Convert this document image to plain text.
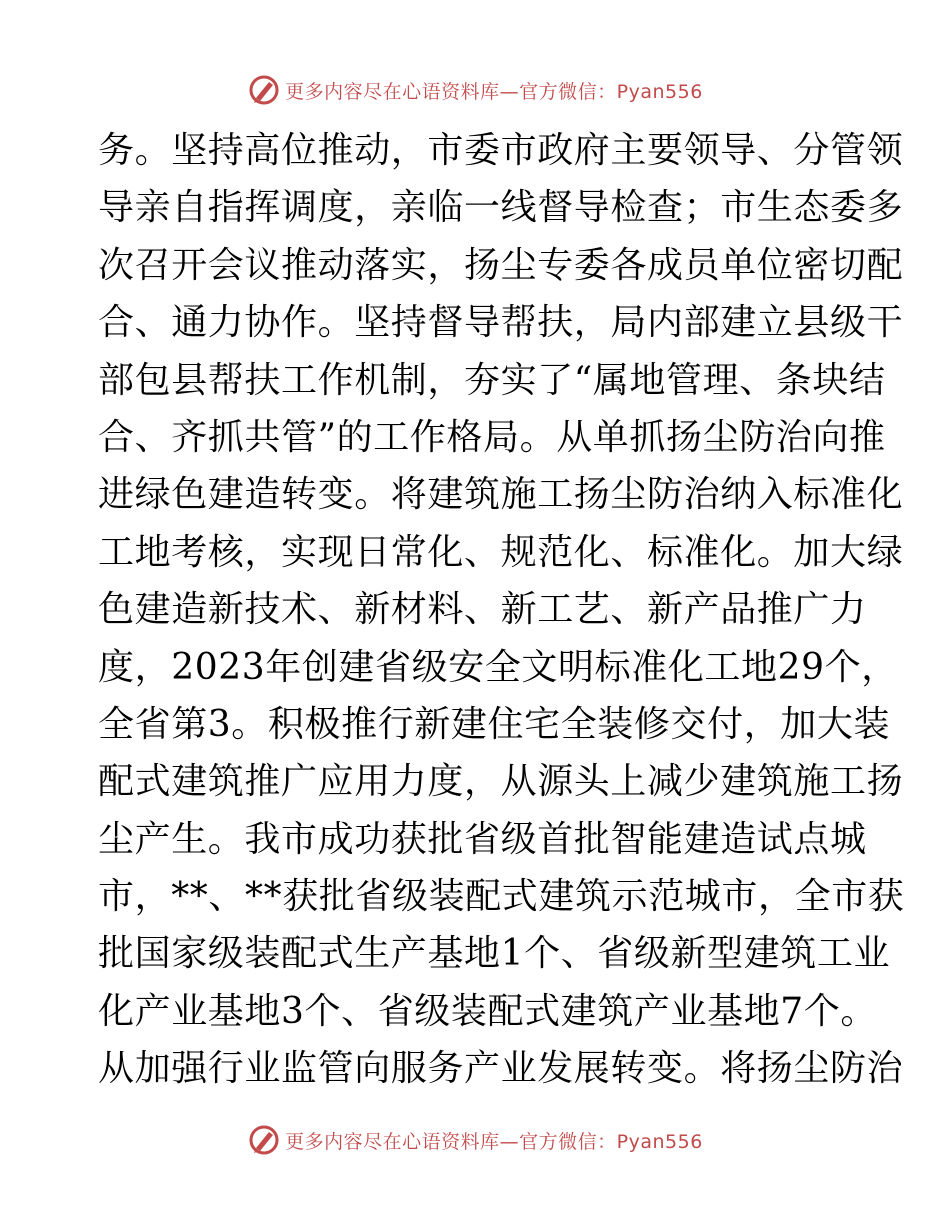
更多内容尽在心语资料库—官方微信：Pyan556
务。坚持高位推动，市委市政府主要领导、分管领
导亲自指挥调度，亲临一线督导检查；市生态委多
次召开会议推动落实，扬尘专委各成员单位密切配
合、通力协作。坚持督导帮扶，局内部建立县级干
部包县帮扶工作机制，夯实了“属地管理、条块结
合、齐抓共管”的工作格局。从单抓扬尘防治向推
进绿色建造转变。将建筑施工扬尘防治纳入标准化
工地考核，实现日常化、规范化、标准化。加大绿
色建造新技术、新材料、新工艺、新产品推广力
度，2023年创建省级安全文明标准化工地29个，
全省第3。积极推行新建住宅全装修交付，加大装
配式建筑推广应用力度，从源头上减少建筑施工扬
尘产生。我市成功获批省级首批智能建造试点城
市，**、**获批省级装配式建筑示范城市，全市获
批国家级装配式生产基地1个、省级新型建筑工业
化产业基地3个、省级装配式建筑产业基地7个。
从加强行业监管向服务产业发展转变。将扬尘防治
更多内容尽在心语资料库—官方微信：Pyan556
